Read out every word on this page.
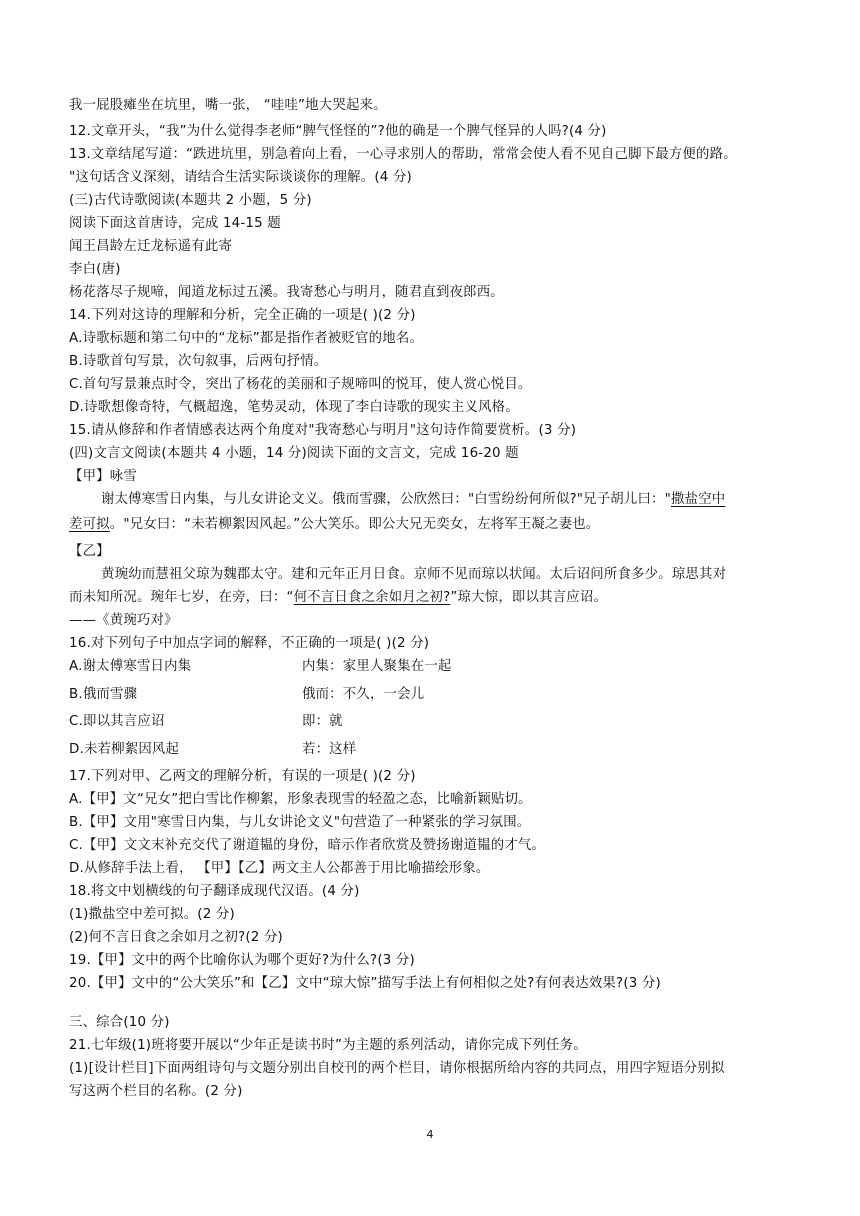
我一屁股瘫坐在坑里，嘴一张， “哇哇”地大哭起来。
12.文章开头，“我”为什么觉得李老师“脾气怪怪的”?他的确是一个脾气怪异的人吗?(4 分)
13.文章结尾写道：“跌进坑里，别急着向上看，一心寻求别人的帮助，常常会使人看不见自己脚下最方便的路。
"这句话含义深刻，请结合生活实际谈谈你的理解。(4 分)
(三)古代诗歌阅读(本题共 2 小题，5 分)
阅读下面这首唐诗，完成 14-15 题
闻王昌龄左迁龙标遥有此寄
李白(唐)
杨花落尽子规啼，闻道龙标过五溪。我寄愁心与明月，随君直到夜郎西。
14.下列对这诗的理解和分析，完全正确的一项是( )(2 分)
A.诗歌标题和第二句中的“龙标”都是指作者被贬官的地名。
B.诗歌首句写景，次句叙事，后两句抒情。
C.首句写景兼点时令，突出了杨花的美丽和子规啼叫的悦耳，使人赏心悦目。
D.诗歌想像奇特，气概超逸，笔势灵动，体现了李白诗歌的现实主义风格。
15.请从修辞和作者情感表达两个角度对"我寄愁心与明月"这句诗作简要赏析。(3 分)
(四)文言文阅读(本题共 4 小题，14 分)阅读下面的文言文，完成 16-20 题
【甲】咏雪
谢太傅寒雪日内集，与儿女讲论文义。俄而雪骤，公欣然曰："白雪纷纷何所似?"兄子胡儿曰："撒盐空中
差可拟。"兄女曰：“未若柳絮因风起。”公大笑乐。即公大兄无奕女，左将军王凝之妻也。
【乙】
黄琬幼而慧祖父琼为魏郡太守。建和元年正月日食。京师不见而琼以状闻。太后诏问所食多少。琼思其对
而未知所况。琬年七岁，在旁，曰：“何不言日食之余如月之初?”琼大惊，即以其言应诏。
——《黄琬巧对》
16.对下列句子中加点字词的解释，不正确的一项是( )(2 分)
A.谢太傅寒雪日内集	内集：家里人聚集在一起
B.俄而雪骤	俄而：不久，一会儿
C.即以其言应诏	即：就
D.未若柳絮因风起	若：这样
17.下列对甲、乙两文的理解分析，有误的一项是( )(2 分)
A.【甲】文“兄女”把白雪比作柳絮，形象表现雪的轻盈之态，比喻新颖贴切。
B.【甲】文用"寒雪日内集，与儿女讲论文义"句营造了一种紧张的学习氛围。
C.【甲】文文末补充交代了谢道韫的身份，暗示作者欣赏及赞扬谢道韫的才气。
D.从修辞手法上看， 【甲】【乙】两文主人公都善于用比喻描绘形象。
18.将文中划横线的句子翻译成现代汉语。(4 分)
(1)撒盐空中差可拟。(2 分)
(2)何不言日食之余如月之初?(2 分)
19.【甲】文中的两个比喻你认为哪个更好?为什么?(3 分)
20.【甲】文中的“公大笑乐”和【乙】文中“琼大惊”描写手法上有何相似之处?有何表达效果?(3 分)
三、综合(10 分)
21.七年级(1)班将要开展以“少年正是读书时”为主题的系列活动，请你完成下列任务。
(1)[设计栏目]下面两组诗句与文题分别出自校刊的两个栏目，请你根据所给内容的共同点，用四字短语分别拟
写这两个栏目的名称。(2 分)
4
